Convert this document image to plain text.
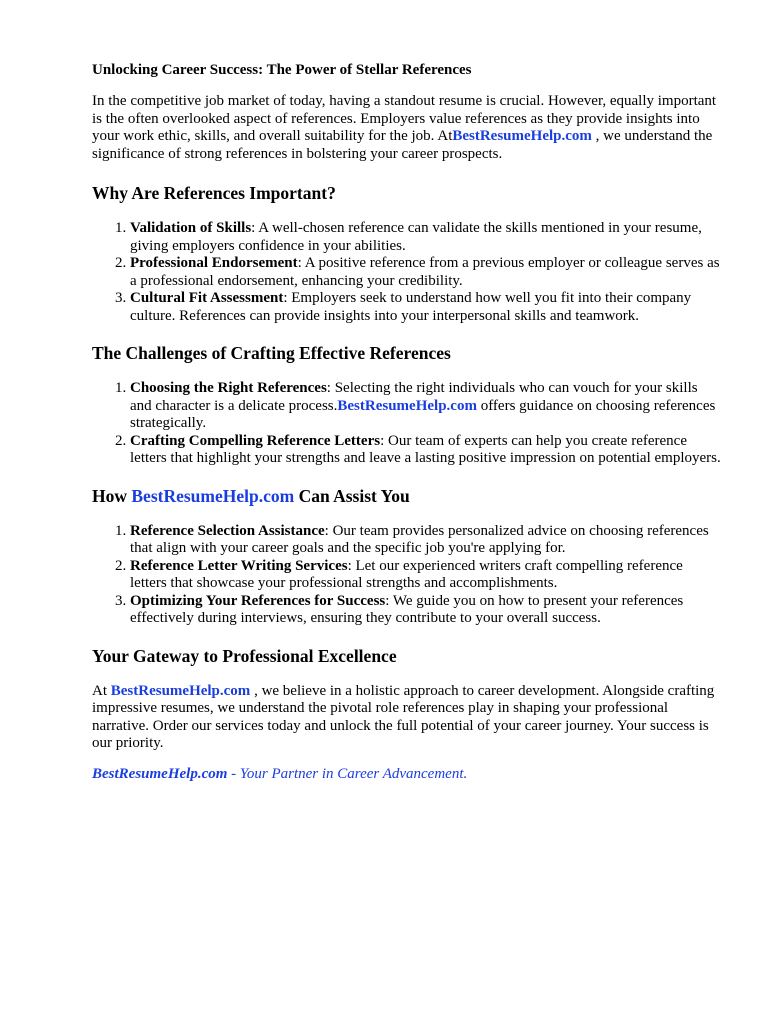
Unlocking Career Success: The Power of Stellar References

In the competitive job market of today, having a standout resume is crucial. However, equally important is the often overlooked aspect of references. Employers value references as they provide insights into your work ethic, skills, and overall suitability for the job. AtBestResumeHelp.com , we understand the significance of strong references in bolstering your career prospects.

Why Are References Important?
1. Validation of Skills: A well-chosen reference can validate the skills mentioned in your resume, giving employers confidence in your abilities.
2. Professional Endorsement: A positive reference from a previous employer or colleague serves as a professional endorsement, enhancing your credibility.
3. Cultural Fit Assessment: Employers seek to understand how well you fit into their company culture. References can provide insights into your interpersonal skills and teamwork.
The Challenges of Crafting Effective References
1. Choosing the Right References: Selecting the right individuals who can vouch for your skills and character is a delicate process.BestResumeHelp.com offers guidance on choosing references strategically.
2. Crafting Compelling Reference Letters: Our team of experts can help you create reference letters that highlight your strengths and leave a lasting positive impression on potential employers.
How BestResumeHelp.com Can Assist You
1. Reference Selection Assistance: Our team provides personalized advice on choosing references that align with your career goals and the specific job you're applying for.
2. Reference Letter Writing Services: Let our experienced writers craft compelling reference letters that showcase your professional strengths and accomplishments.
3. Optimizing Your References for Success: We guide you on how to present your references effectively during interviews, ensuring they contribute to your overall success.
Your Gateway to Professional Excellence

At BestResumeHelp.com , we believe in a holistic approach to career development. Alongside crafting impressive resumes, we understand the pivotal role references play in shaping your professional narrative. Order our services today and unlock the full potential of your career journey. Your success is our priority.

BestResumeHelp.com - Your Partner in Career Advancement.
